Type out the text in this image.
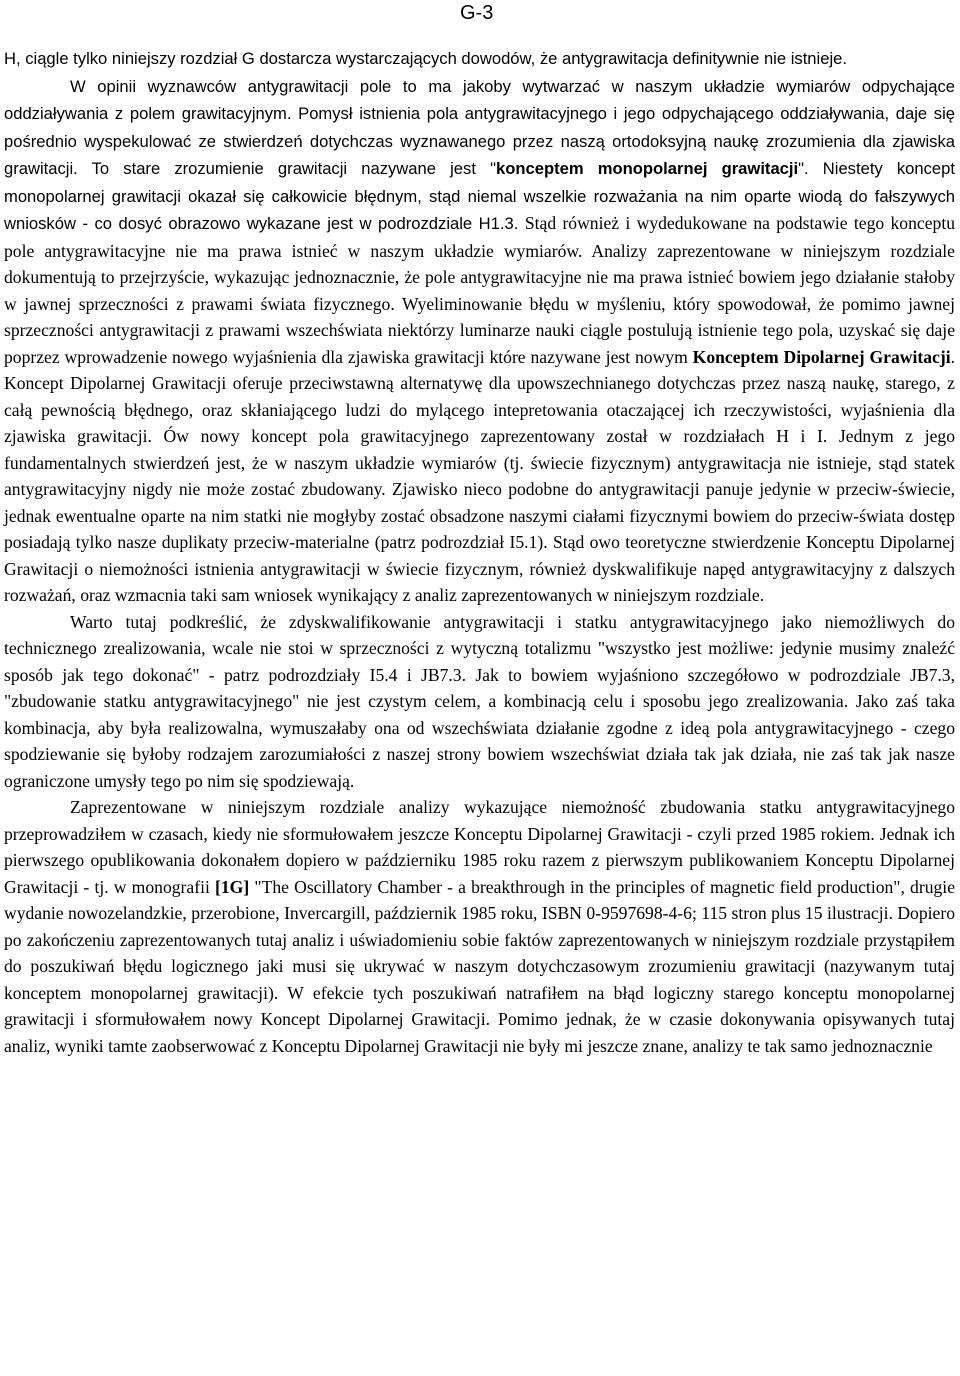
G-3

H, ciągle tylko niniejszy rozdział G dostarcza wystarczających dowodów, że antygrawitacja definitywnie nie istnieje.

W opinii wyznawców antygrawitacji pole to ma jakoby wytwarzać w naszym układzie wymiarów odpychające oddziaływania z polem grawitacyjnym. Pomysł istnienia pola antygrawitacyjnego i jego odpychającego oddziaływania, daje się pośrednio wyspekulować ze stwierdzeń dotychczas wyznawanego przez naszą ortodoksyjną naukę zrozumienia dla zjawiska grawitacji. To stare zrozumienie grawitacji nazywane jest "konceptem monopolarnej grawitacji". Niestety koncept monopolarnej grawitacji okazał się całkowicie błędnym, stąd niemal wszelkie rozważania na nim oparte wiodą do fałszywych wniosków - co dosyć obrazowo wykazane jest w podrozdziale H1.3. Stąd również i wydedukowane na podstawie tego konceptu pole antygrawitacyjne nie ma prawa istnieć w naszym układzie wymiarów. Analizy zaprezentowane w niniejszym rozdziale dokumentują to przejrzyście, wykazując jednoznacznie, że pole antygrawitacyjne nie ma prawa istnieć bowiem jego działanie stałoby w jawnej sprzeczności z prawami świata fizycznego. Wyeliminowanie błędu w myśleniu, który spowodował, że pomimo jawnej sprzeczności antygrawitacji z prawami wszechświata niektórzy luminarze nauki ciągle postulują istnienie tego pola, uzyskać się daje poprzez wprowadzenie nowego wyjaśnienia dla zjawiska grawitacji które nazywane jest nowym Konceptem Dipolarnej Grawitacji. Koncept Dipolarnej Grawitacji oferuje przeciwstawną alternatywę dla upowszechnianego dotychczas przez naszą naukę, starego, z całą pewnością błędnego, oraz skłaniającego ludzi do mylącego intepretowania otaczającej ich rzeczywistości, wyjaśnienia dla zjawiska grawitacji. Ów nowy koncept pola grawitacyjnego zaprezentowany został w rozdziałach H i I. Jednym z jego fundamentalnych stwierdzeń jest, że w naszym układzie wymiarów (tj. świecie fizycznym) antygrawitacja nie istnieje, stąd statek antygrawitacyjny nigdy nie może zostać zbudowany. Zjawisko nieco podobne do antygrawitacji panuje jedynie w przeciw-świecie, jednak ewentualne oparte na nim statki nie mogłyby zostać obsadzone naszymi ciałami fizycznymi bowiem do przeciw-świata dostęp posiadają tylko nasze duplikaty przeciw-materialne (patrz podrozdział I5.1). Stąd owo teoretyczne stwierdzenie Konceptu Dipolarnej Grawitacji o niemożności istnienia antygrawitacji w świecie fizycznym, również dyskwalifikuje napęd antygrawitacyjny z dalszych rozważań, oraz wzmacnia taki sam wniosek wynikający z analiz zaprezentowanych w niniejszym rozdziale.

Warto tutaj podkreślić, że zdyskwalifikowanie antygrawitacji i statku antygrawitacyjnego jako niemożliwych do technicznego zrealizowania, wcale nie stoi w sprzeczności z wytyczną totalizmu "wszystko jest możliwe: jedynie musimy znaleźć sposób jak tego dokonać" - patrz podrozdziały I5.4 i JB7.3. Jak to bowiem wyjaśniono szczegółowo w podrozdziale JB7.3, "zbudowanie statku antygrawitacyjnego" nie jest czystym celem, a kombinacją celu i sposobu jego zrealizowania. Jako zaś taka kombinacja, aby była realizowalna, wymuszałaby ona od wszechświata działanie zgodne z ideą pola antygrawitacyjnego - czego spodziewanie się byłoby rodzajem zarozumiałości z naszej strony bowiem wszechświat działa tak jak działa, nie zaś tak jak nasze ograniczone umysły tego po nim się spodziewają.

Zaprezentowane w niniejszym rozdziale analizy wykazujące niemożność zbudowania statku antygrawitacyjnego przeprowadziłem w czasach, kiedy nie sformułowałem jeszcze Konceptu Dipolarnej Grawitacji - czyli przed 1985 rokiem. Jednak ich pierwszego opublikowania dokonałem dopiero w październiku 1985 roku razem z pierwszym publikowaniem Konceptu Dipolarnej Grawitacji - tj. w monografii [1G] "The Oscillatory Chamber - a breakthrough in the principles of magnetic field production", drugie wydanie nowozelandzkie, przerobione, Invercargill, październik 1985 roku, ISBN 0-9597698-4-6; 115 stron plus 15 ilustracji. Dopiero po zakończeniu zaprezentowanych tutaj analiz i uświadomieniu sobie faktów zaprezentowanych w niniejszym rozdziale przystąpiłem do poszukiwań błędu logicznego jaki musi się ukrywać w naszym dotychczasowym zrozumieniu grawitacji (nazywanym tutaj konceptem monopolarnej grawitacji). W efekcie tych poszukiwań natrafiłem na błąd logiczny starego konceptu monopolarnej grawitacji i sformułowałem nowy Koncept Dipolarnej Grawitacji. Pomimo jednak, że w czasie dokonywania opisywanych tutaj analiz, wyniki tamte zaobserwować z Konceptu Dipolarnej Grawitacji nie były mi jeszcze znane, analizy te tak samo jednoznacznie
